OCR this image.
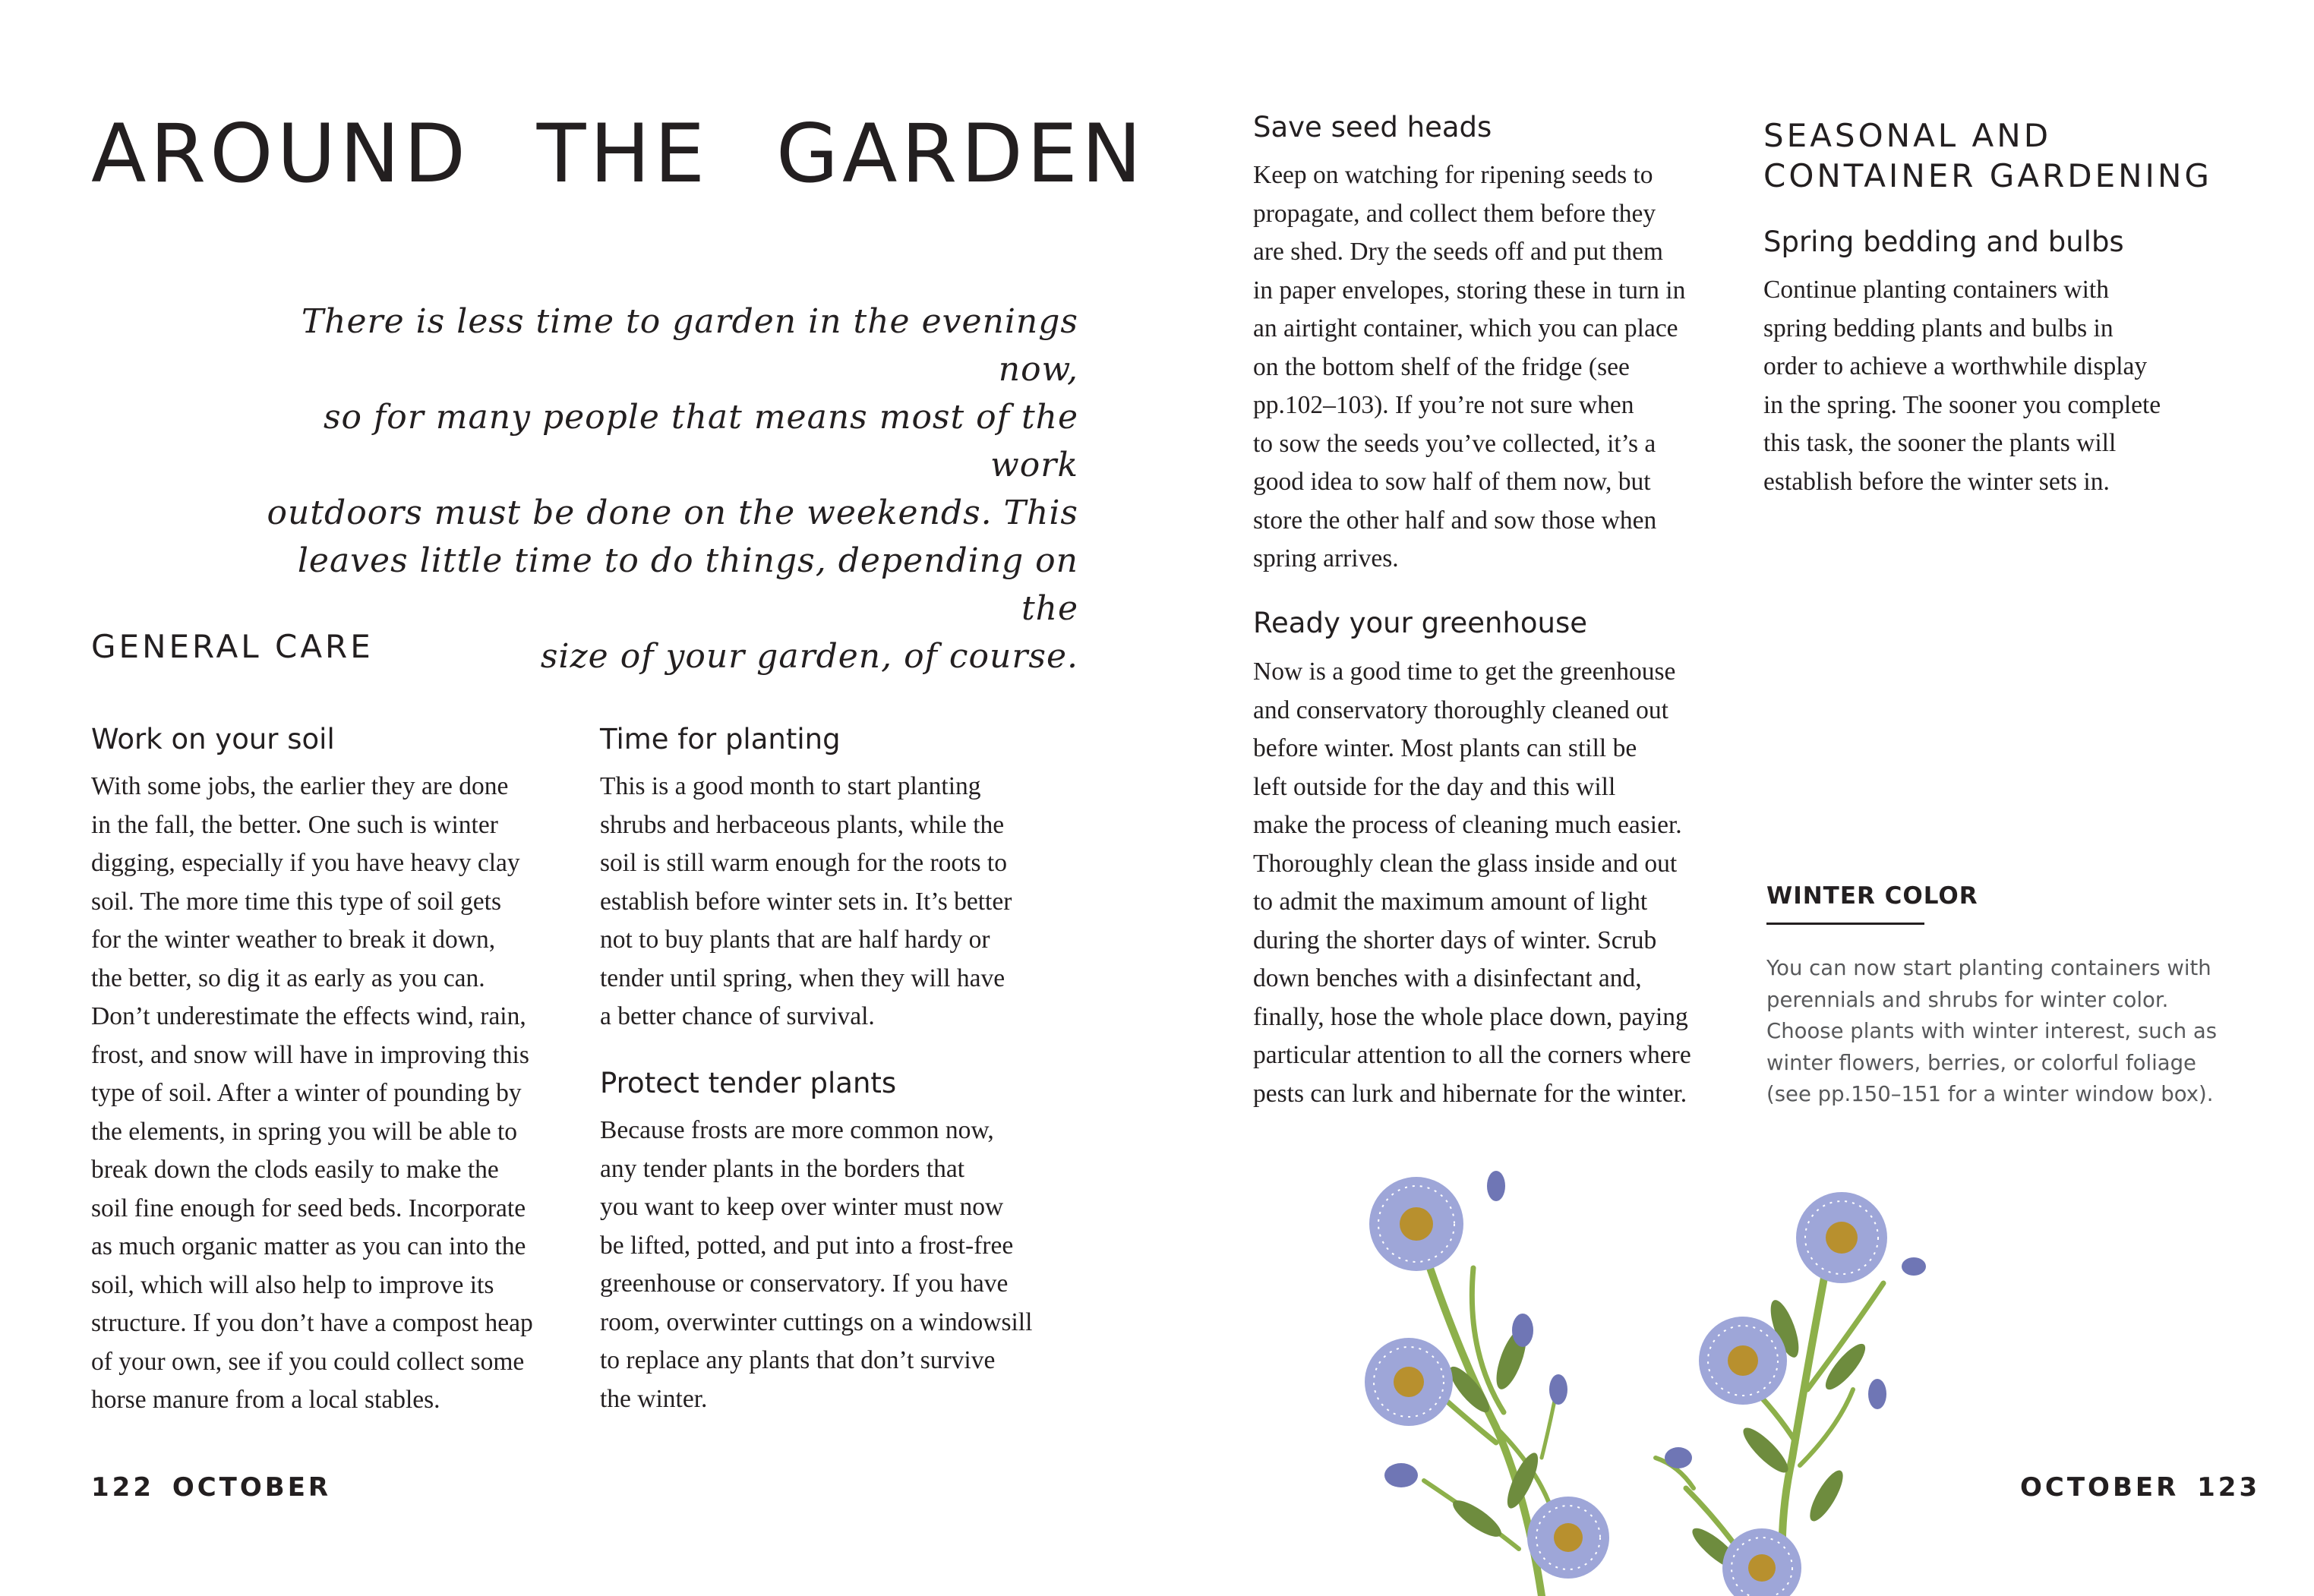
AROUND THE GARDEN
There is less time to garden in the evenings now,
so for many people that means most of the work
outdoors must be done on the weekends. This
leaves little time to do things, depending on the
size of your garden, of course.
GENERAL CARE
Work on your soil
With some jobs, the earlier they are done
in the fall, the better. One such is winter
digging, especially if you have heavy clay
soil. The more time this type of soil gets
for the winter weather to break it down,
the better, so dig it as early as you can.
Don’t underestimate the effects wind, rain,
frost, and snow will have in improving this
type of soil. After a winter of pounding by
the elements, in spring you will be able to
break down the clods easily to make the
soil fine enough for seed beds. Incorporate
as much organic matter as you can into the
soil, which will also help to improve its
structure. If you don’t have a compost heap
of your own, see if you could collect some
horse manure from a local stables.
Time for planting
This is a good month to start planting
shrubs and herbaceous plants, while the
soil is still warm enough for the roots to
establish before winter sets in. It’s better
not to buy plants that are half hardy or
tender until spring, when they will have
a better chance of survival.
Protect tender plants
Because frosts are more common now,
any tender plants in the borders that
you want to keep over winter must now
be lifted, potted, and put into a frost-free
greenhouse or conservatory. If you have
room, overwinter cuttings on a windowsill
to replace any plants that don’t survive
the winter.
122 OCTOBER
Save seed heads
Keep on watching for ripening seeds to
propagate, and collect them before they
are shed. Dry the seeds off and put them
in paper envelopes, storing these in turn in
an airtight container, which you can place
on the bottom shelf of the fridge (see
pp.102–103). If you’re not sure when
to sow the seeds you’ve collected, it’s a
good idea to sow half of them now, but
store the other half and sow those when
spring arrives.
Ready your greenhouse
Now is a good time to get the greenhouse
and conservatory thoroughly cleaned out
before winter. Most plants can still be
left outside for the day and this will
make the process of cleaning much easier.
Thoroughly clean the glass inside and out
to admit the maximum amount of light
during the shorter days of winter. Scrub
down benches with a disinfectant and,
finally, hose the whole place down, paying
particular attention to all the corners where
pests can lurk and hibernate for the winter.
SEASONAL AND
CONTAINER GARDENING
Spring bedding and bulbs
Continue planting containers with
spring bedding plants and bulbs in
order to achieve a worthwhile display
in the spring. The sooner you complete
this task, the sooner the plants will
establish before the winter sets in.
WINTER COLOR
You can now start planting containers with
perennials and shrubs for winter color.
Choose plants with winter interest, such as
winter flowers, berries, or colorful foliage
(see pp.150–151 for a winter window box).
OCTOBER 123
